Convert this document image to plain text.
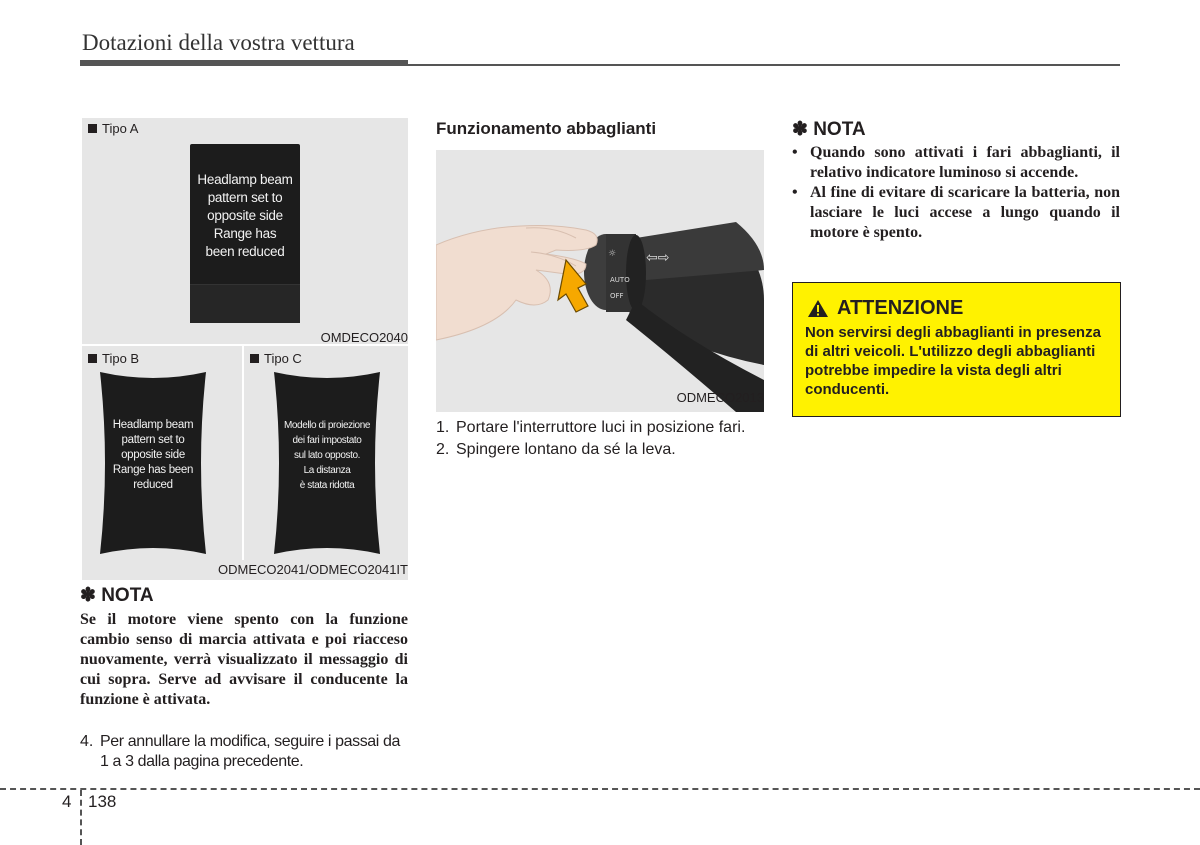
Dotazioni della vostra vettura
Tipo A
Headlamp beam
pattern set to
opposite side
Range has
been reduced
OMDECO2040
Tipo B	Tipo C
Headlamp beam
pattern set to
opposite side
Range has been
reduced
Modello di proiezione
dei fari impostato
sul lato opposto.
La distanza
è stata ridotta
ODMECO2041/ODMECO2041IT
✽ NOTA
Se il motore viene spento con la funzione cambio senso di marcia attivata e poi riacceso nuovamente, verrà visualizzato il messaggio di cui sopra. Serve ad avvisare il conducente la funzione è attivata.
4. Per annullare la modifica, seguire i passai da 1 a 3 dalla pagina precedente.
Funzionamento abbaglianti
☼ ⇦⇨
AUTO
OFF
ODMECO2013
1. Portare l'interruttore luci in posizione fari.
2. Spingere lontano da sé la leva.
✽ NOTA
• Quando sono attivati i fari abbaglianti, il relativo indicatore luminoso si accende.
• Al fine di evitare di scaricare la batteria, non lasciare le luci accese a lungo quando il motore è spento.
ATTENZIONE
Non servirsi degli abbaglianti in presenza di altri veicoli. L'utilizzo degli abbaglianti potrebbe impedire la vista degli altri conducenti.
4 138
